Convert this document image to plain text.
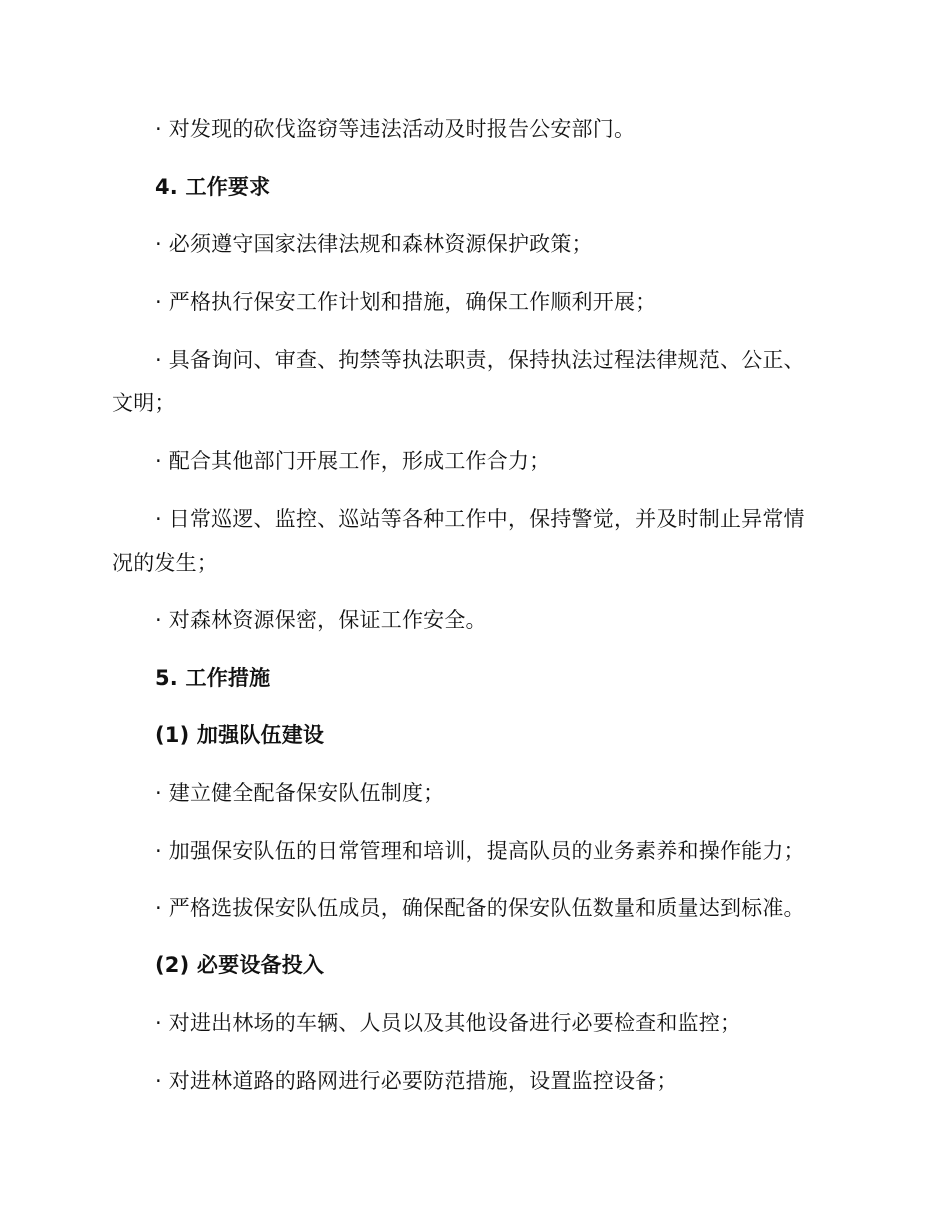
· 对发现的砍伐盗窃等违法活动及时报告公安部门。
4. 工作要求
· 必须遵守国家法律法规和森林资源保护政策；
· 严格执行保安工作计划和措施，确保工作顺利开展；
· 具备询问、审查、拘禁等执法职责，保持执法过程法律规范、公正、
文明；
· 配合其他部门开展工作，形成工作合力；
· 日常巡逻、监控、巡站等各种工作中，保持警觉，并及时制止异常情
况的发生；
· 对森林资源保密，保证工作安全。
5. 工作措施
(1) 加强队伍建设
· 建立健全配备保安队伍制度；
· 加强保安队伍的日常管理和培训，提高队员的业务素养和操作能力；
· 严格选拔保安队伍成员，确保配备的保安队伍数量和质量达到标准。
(2) 必要设备投入
· 对进出林场的车辆、人员以及其他设备进行必要检查和监控；
· 对进林道路的路网进行必要防范措施，设置监控设备；
